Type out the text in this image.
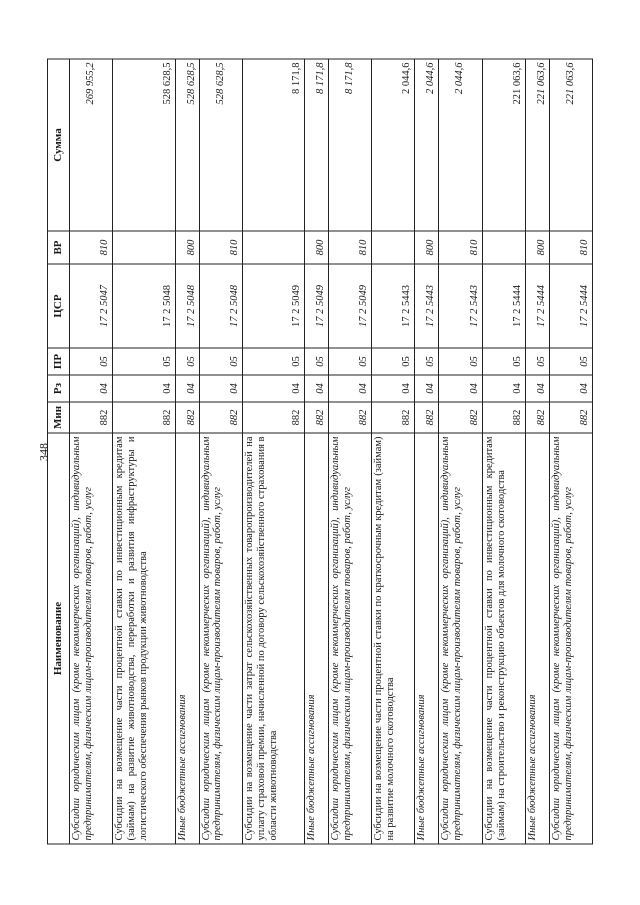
348
Наименование	Мин	Рз	ПР	ЦСР	ВР	Сумма
Субсидии юридическим лицам (кроме некоммерческих организаций), индивидуальным предпринимателям, физическим лицам-производителям товаров, работ, услуг	882	04	05	17 2 5047	810	269 955,2
Субсидии на возмещение части процентной ставки по инвестиционным кредитам (займам) на развитие животноводства, переработки и развития инфраструктуры и логистического обеспечения рынков продукции животноводства	882	04	05	17 2 5048		528 628,5
Иные бюджетные ассигнования	882	04	05	17 2 5048	800	528 628,5
Субсидии юридическим лицам (кроме некоммерческих организаций), индивидуальным предпринимателям, физическим лицам-производителям товаров, работ, услуг	882	04	05	17 2 5048	810	528 628,5
Субсидии на возмещение части затрат сельскохозяйственных товаропроизводителей на уплату страховой премии, начисленной по договору сельскохозяйственного страхования в области животноводства	882	04	05	17 2 5049		8 171,8
Иные бюджетные ассигнования	882	04	05	17 2 5049	800	8 171,8
Субсидии юридическим лицам (кроме некоммерческих организаций), индивидуальным предпринимателям, физическим лицам-производителям товаров, работ, услуг	882	04	05	17 2 5049	810	8 171,8
Субсидии на возмещение части процентной ставки по краткосрочным кредитам (займам) на развитие молочного скотоводства	882	04	05	17 2 5443		2 044,6
Иные бюджетные ассигнования	882	04	05	17 2 5443	800	2 044,6
Субсидии юридическим лицам (кроме некоммерческих организаций), индивидуальным предпринимателям, физическим лицам-производителям товаров, работ, услуг	882	04	05	17 2 5443	810	2 044,6
Субсидии на возмещение части процентной ставки по инвестиционным кредитам (займам) на строительство и реконструкцию объектов для молочного скотоводства	882	04	05	17 2 5444		221 063,6
Иные бюджетные ассигнования	882	04	05	17 2 5444	800	221 063,6
Субсидии юридическим лицам (кроме некоммерческих организаций), индивидуальным предпринимателям, физическим лицам-производителям товаров, работ, услуг	882	04	05	17 2 5444	810	221 063,6
